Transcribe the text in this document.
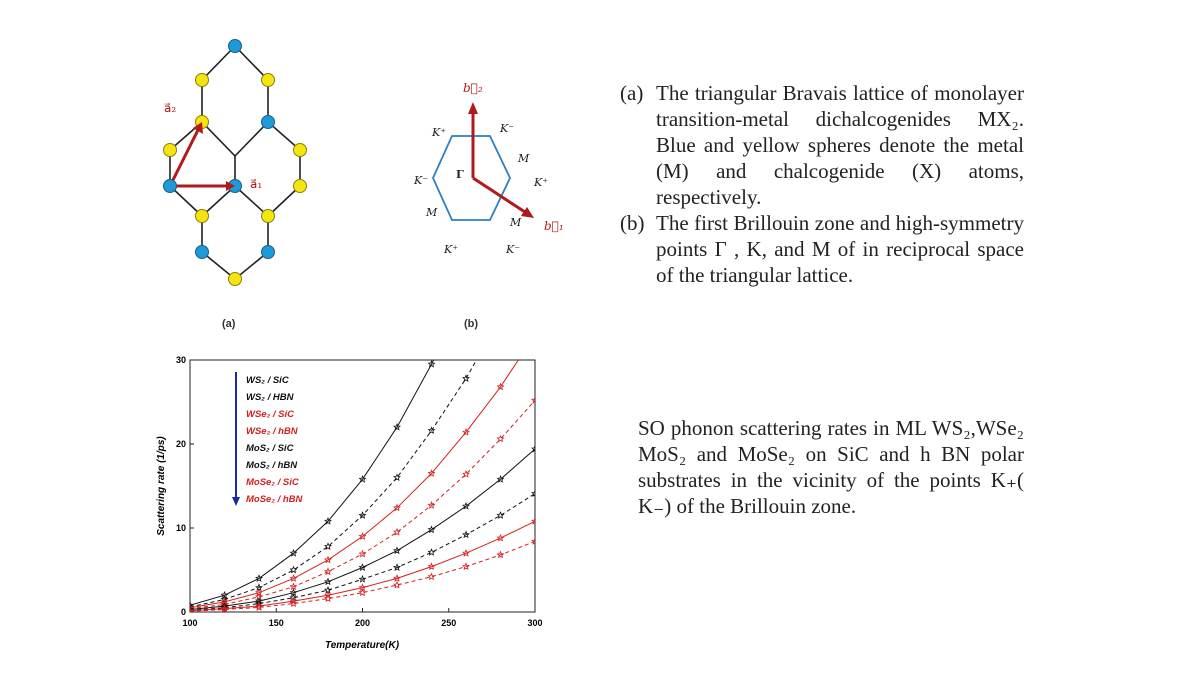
a⃗₁
a⃗₂
(a)
b⃗₂
b⃗₁
Γ
K⁺	K⁻
M
K⁻	K⁺
M
M
K⁺	K⁻
(b)

(a) The triangular Bravais lattice of monolayer transition-metal dichalcogenides MX₂. Blue and yellow spheres denote the metal (M) and chalcogenide (X) atoms, respectively.

(b) The first Brillouin zone and high-symmetry points Γ , K, and M of in reciprocal space of the triangular lattice.

100	150	200	250	300
0
10
20
30
WS₂ / SiC
WS₂ / HBN
WSe₂ / SiC
WSe₂ / hBN
MoS₂ / SiC
MoS₂ / hBN
MoSe₂ / SiC
MoSe₂ / hBN
Temperature(K)
Scattering rate (1/ps)
SO phonon scattering rates in ML WS₂,WSe₂ MoS₂ and MoSe₂ on SiC and h BN polar substrates in the vicinity of the points K₊( K₋) of the Brillouin zone.
